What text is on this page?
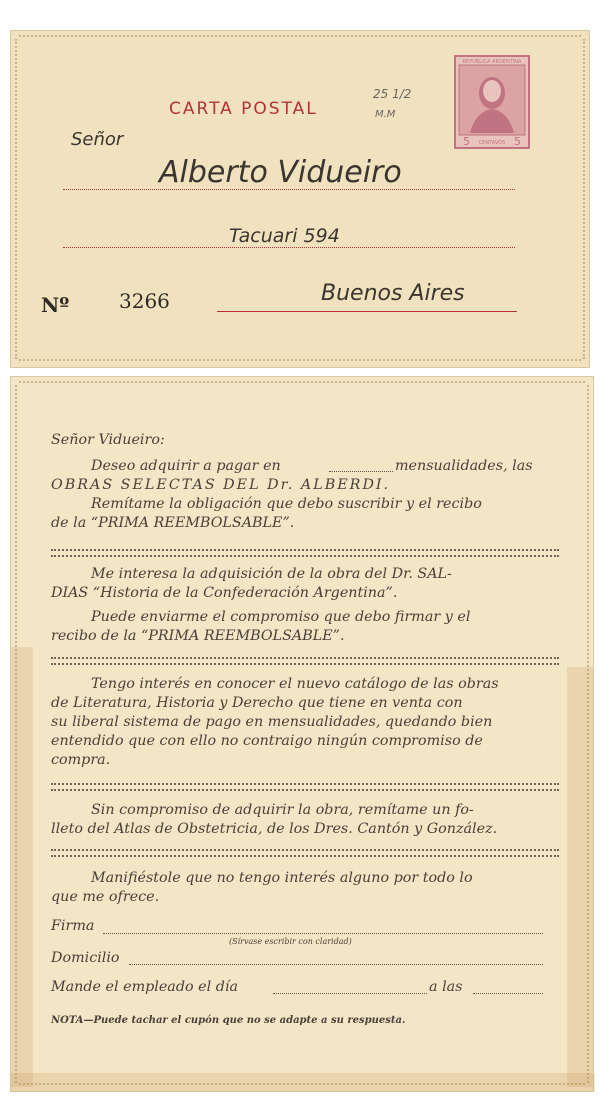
CARTA POSTAL
25 1/2
M.M
REPUBLICA ARGENTINA
5	5
CENTAVOS
Señor
Alberto Vidueiro
Tacuari 594
Nº 3266	Buenos Aires
Señor Vidueiro:
Deseo adquirir a pagar en	mensualidades, las
OBRAS SELECTAS DEL Dr. ALBERDI.
Remítame la obligación que debo suscribir y el recibo
de la “PRIMA REEMBOLSABLE”.
Me interesa la adquisición de la obra del Dr. SAL-
DIAS “Historia de la Confederación Argentina”.
Puede enviarme el compromiso que debo firmar y el
recibo de la “PRIMA REEMBOLSABLE”.
Tengo interés en conocer el nuevo catálogo de las obras
de Literatura, Historia y Derecho que tiene en venta con
su liberal sistema de pago en mensualidades, quedando bien
entendido que con ello no contraigo ningún compromiso de
compra.
Sin compromiso de adquirir la obra, remítame un fo-
lleto del Atlas de Obstetricia, de los Dres. Cantón y González.
Manifiéstole que no tengo interés alguno por todo lo
que me ofrece.
Firma
(Sírvase escribir con claridad)
Domicilio
Mande el empleado el día	a las
NOTA—Puede tachar el cupón que no se adapte a su respuesta.
